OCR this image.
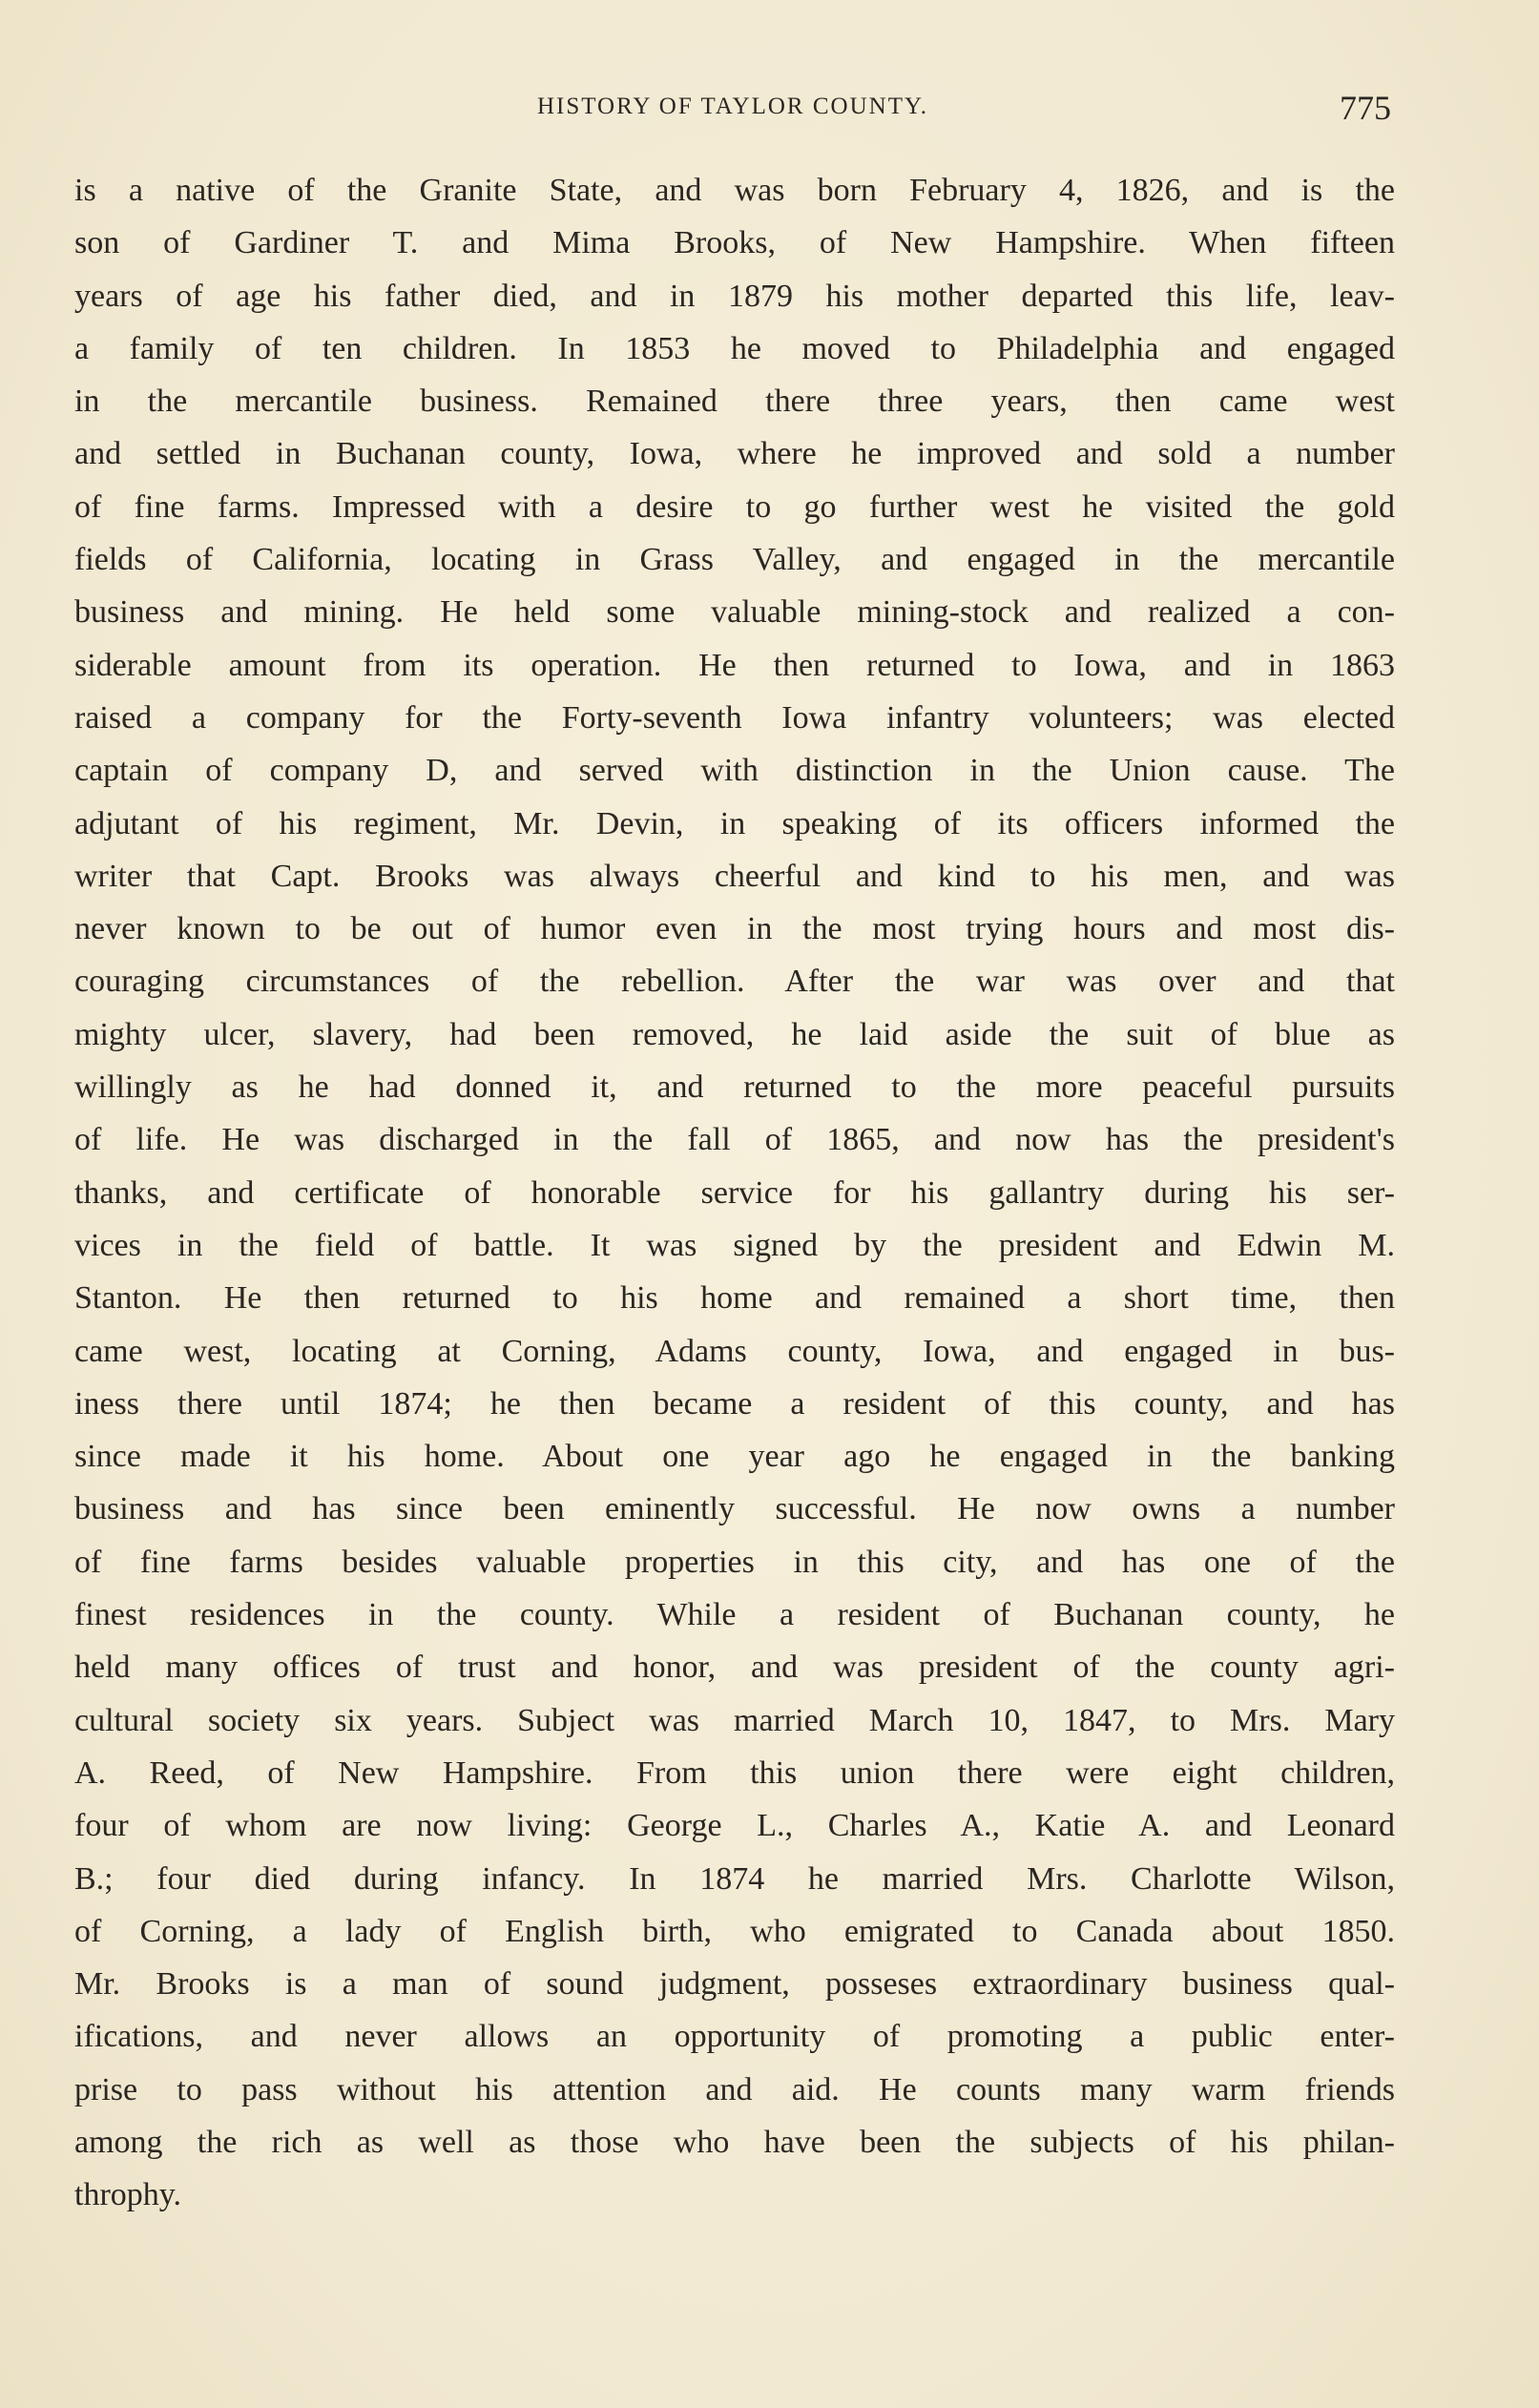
HISTORY OF TAYLOR COUNTY.	775

is a native of the Granite State, and was born February 4, 1826, and is the
son of Gardiner T. and Mima Brooks, of New Hampshire. When fifteen
years of age his father died, and in 1879 his mother departed this life, leav-
a family of ten children. In 1853 he moved to Philadelphia and engaged
in the mercantile business. Remained there three years, then came west
and settled in Buchanan county, Iowa, where he improved and sold a number
of fine farms. Impressed with a desire to go further west he visited the gold
fields of California, locating in Grass Valley, and engaged in the mercantile
business and mining. He held some valuable mining-stock and realized a con-
siderable amount from its operation. He then returned to Iowa, and in 1863
raised a company for the Forty-seventh Iowa infantry volunteers; was elected
captain of company D, and served with distinction in the Union cause. The
adjutant of his regiment, Mr. Devin, in speaking of its officers informed the
writer that Capt. Brooks was always cheerful and kind to his men, and was
never known to be out of humor even in the most trying hours and most dis-
couraging circumstances of the rebellion. After the war was over and that
mighty ulcer, slavery, had been removed, he laid aside the suit of blue as
willingly as he had donned it, and returned to the more peaceful pursuits
of life. He was discharged in the fall of 1865, and now has the president's
thanks, and certificate of honorable service for his gallantry during his ser-
vices in the field of battle. It was signed by the president and Edwin M.
Stanton. He then returned to his home and remained a short time, then
came west, locating at Corning, Adams county, Iowa, and engaged in bus-
iness there until 1874; he then became a resident of this county, and has
since made it his home. About one year ago he engaged in the banking
business and has since been eminently successful. He now owns a number
of fine farms besides valuable properties in this city, and has one of the
finest residences in the county. While a resident of Buchanan county, he
held many offices of trust and honor, and was president of the county agri-
cultural society six years. Subject was married March 10, 1847, to Mrs. Mary
A. Reed, of New Hampshire. From this union there were eight children,
four of whom are now living: George L., Charles A., Katie A. and Leonard
B.; four died during infancy. In 1874 he married Mrs. Charlotte Wilson,
of Corning, a lady of English birth, who emigrated to Canada about 1850.
Mr. Brooks is a man of sound judgment, posseses extraordinary business qual-
ifications, and never allows an opportunity of promoting a public enter-
prise to pass without his attention and aid. He counts many warm friends
among the rich as well as those who have been the subjects of his philan-
throphy.
